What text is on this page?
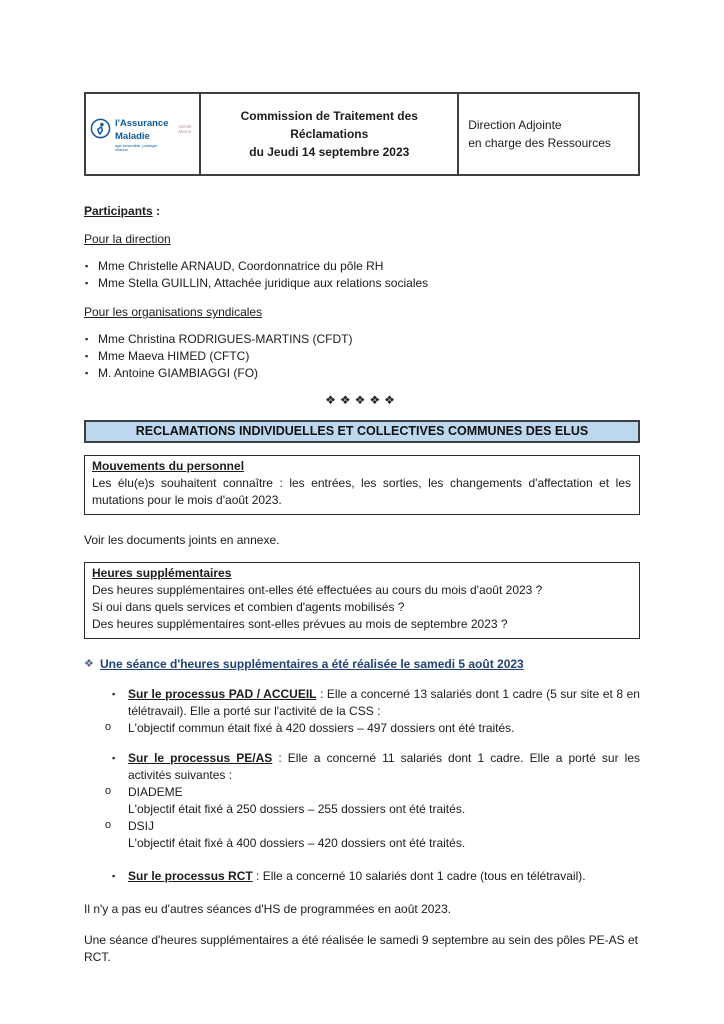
l'Assurance
Maladie
agir ensemble, protéger chacun
Val-de-Marne

Commission de Traitement des Réclamations
du Jeudi 14 septembre 2023

Direction Adjointe
en charge des Ressources
Participants :
Pour la direction
▪ Mme Christelle ARNAUD, Coordonnatrice du pôle RH
▪ Mme Stella GUILLIN, Attachée juridique aux relations sociales
Pour les organisations syndicales
▪ Mme Christina RODRIGUES-MARTINS (CFDT)
▪ Mme Maeva HIMED (CFTC)
▪ M. Antoine GIAMBIAGGI (FO)
❖❖❖❖❖
RECLAMATIONS INDIVIDUELLES ET COLLECTIVES COMMUNES DES ELUS
Mouvements du personnel
Les élu(e)s souhaitent connaître : les entrées, les sorties, les changements d'affectation et les mutations pour le mois d'août 2023.
Voir les documents joints en annexe.
Heures supplémentaires
Des heures supplémentaires ont-elles été effectuées au cours du mois d'août 2023 ?
Si oui dans quels services et combien d'agents mobilisés ?
Des heures supplémentaires sont-elles prévues au mois de septembre 2023 ?
❖ Une séance d'heures supplémentaires a été réalisée le samedi 5 août 2023
▪ Sur le processus PAD / ACCUEIL : Elle a concerné 13 salariés dont 1 cadre (5 sur site et 8 en télétravail). Elle a porté sur l'activité de la CSS :
o L'objectif commun était fixé à 420 dossiers – 497 dossiers ont été traités.
▪ Sur le processus PE/AS : Elle a concerné 11 salariés dont 1 cadre. Elle a porté sur les activités suivantes :
o DIADEME
L'objectif était fixé à 250 dossiers – 255 dossiers ont été traités.
o DSIJ
L'objectif était fixé à 400 dossiers – 420 dossiers ont été traités.
▪ Sur le processus RCT : Elle a concerné 10 salariés dont 1 cadre (tous en télétravail).
Il n'y a pas eu d'autres séances d'HS de programmées en août 2023.
Une séance d'heures supplémentaires a été réalisée le samedi 9 septembre au sein des pôles PE-AS et RCT.
